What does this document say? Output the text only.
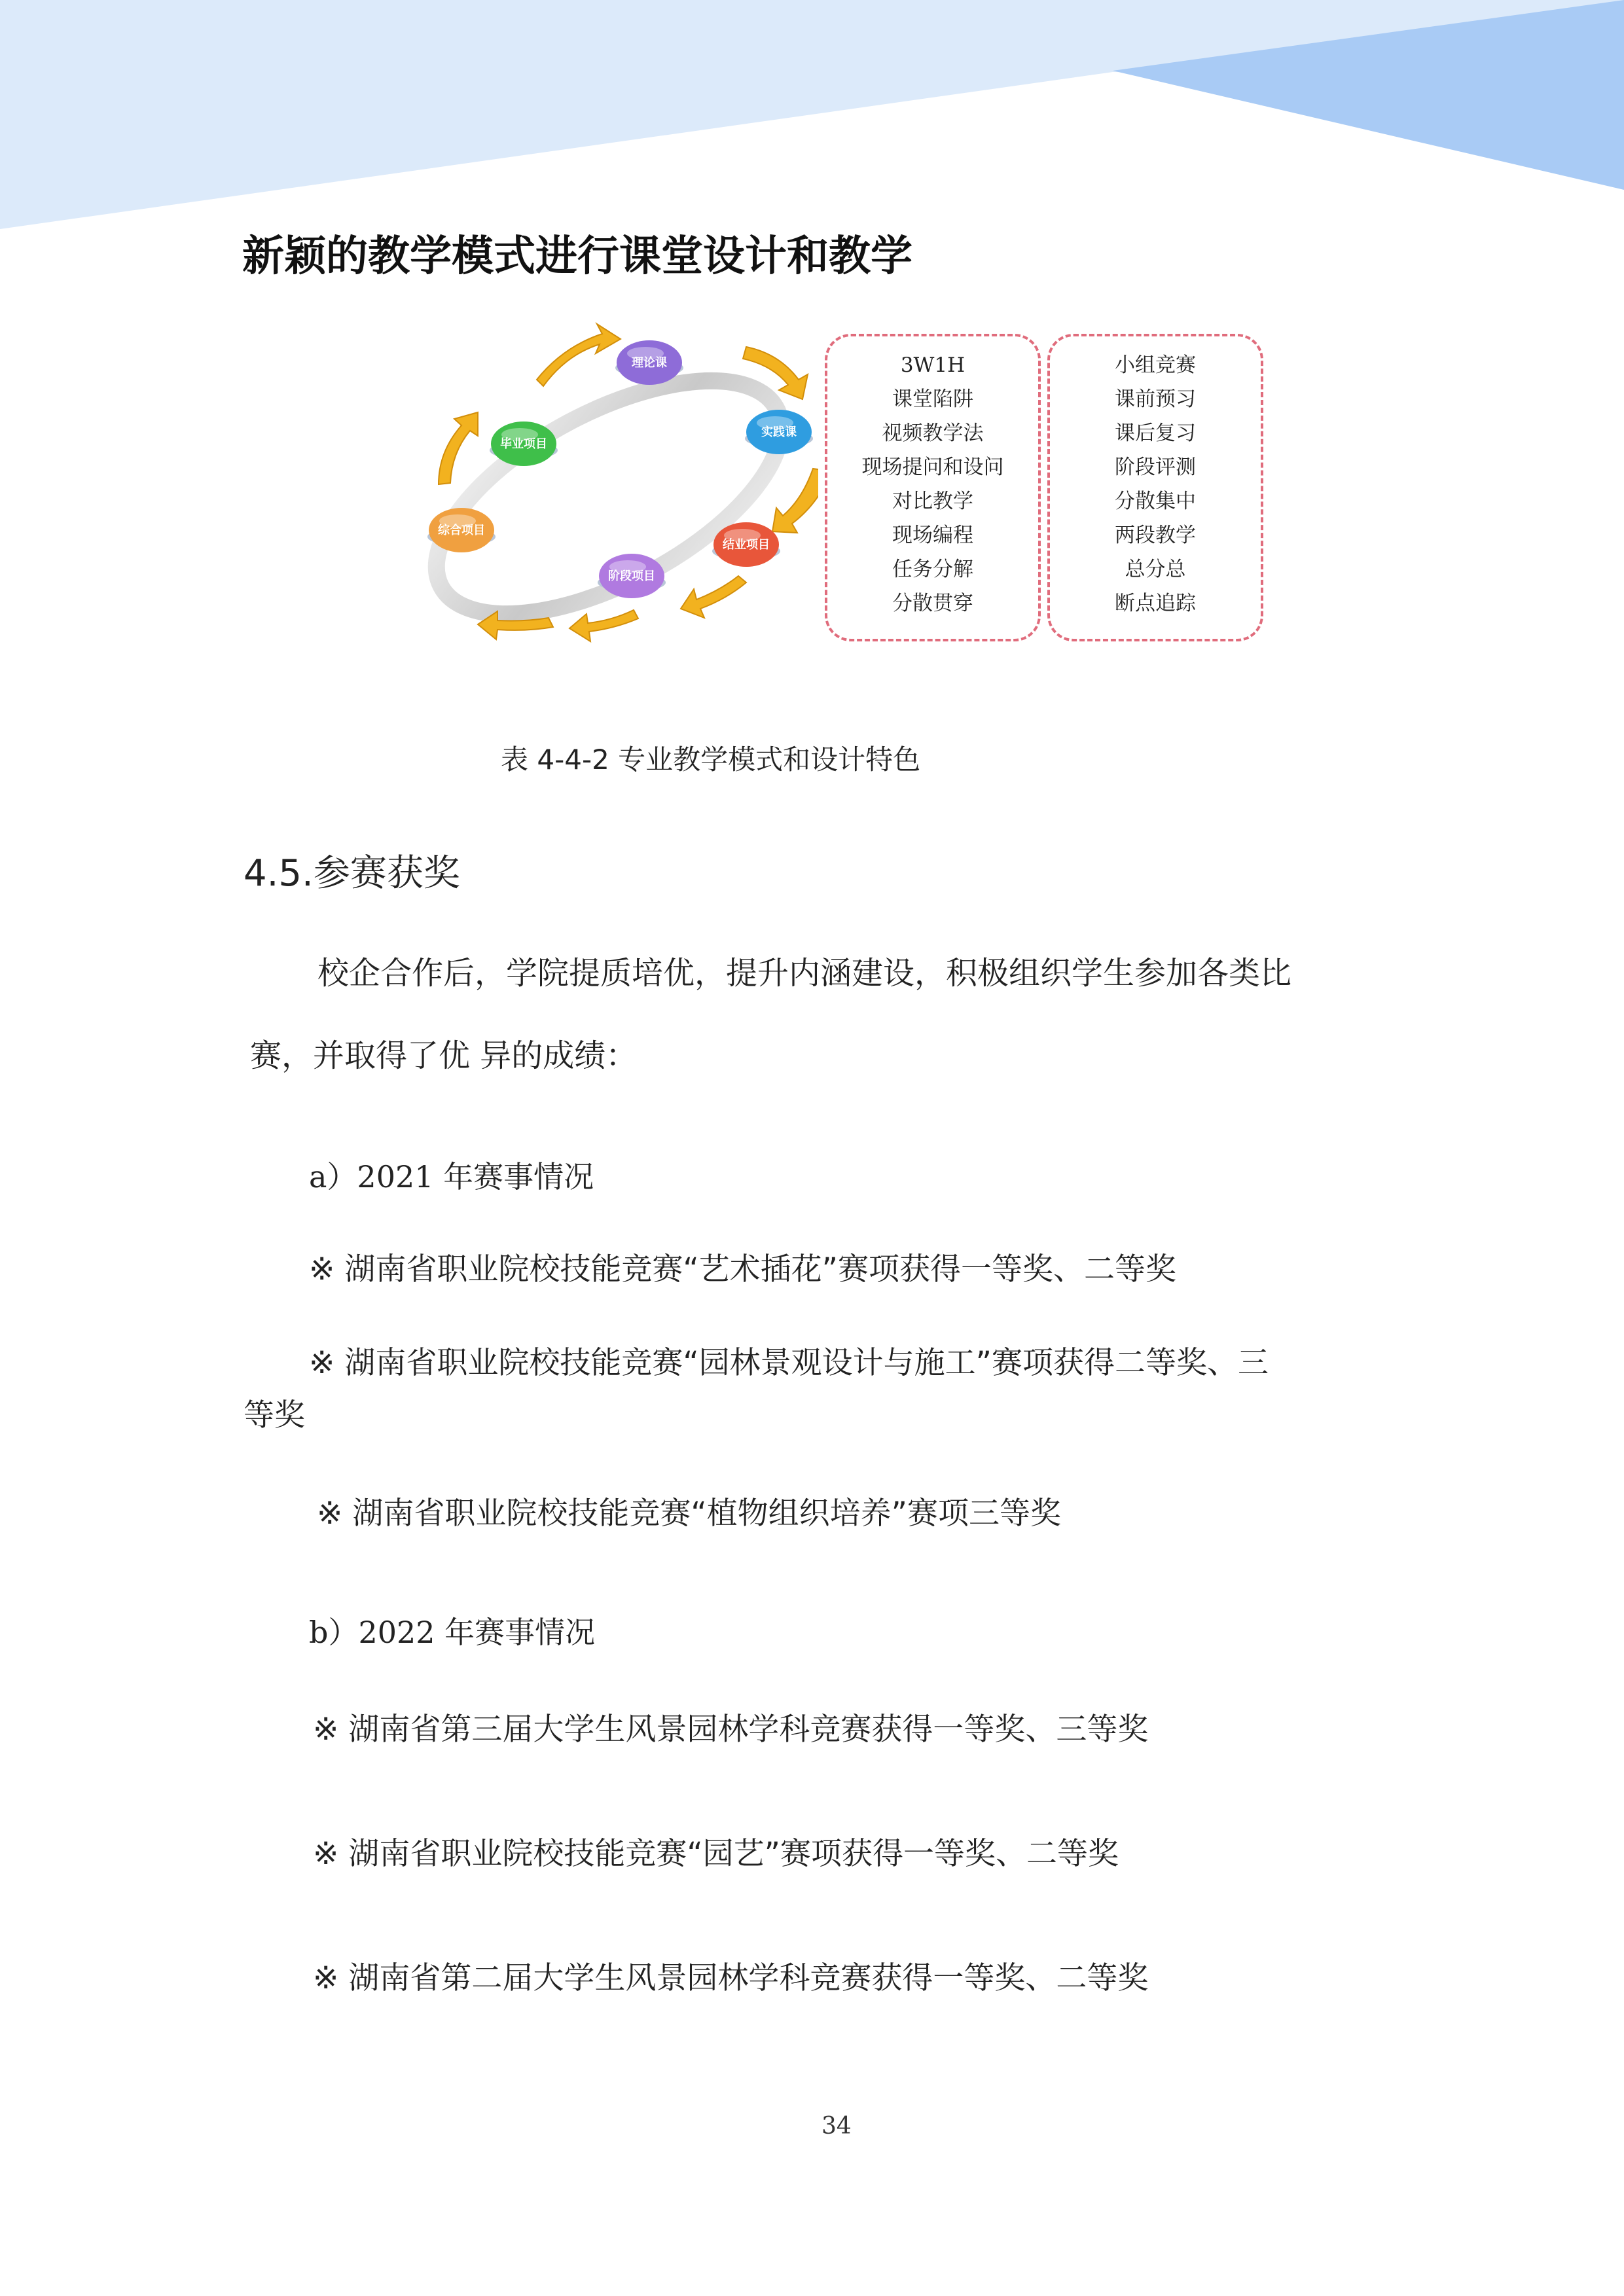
新颖的教学模式进行课堂设计和教学
理论课
实践课
结业项目
阶段项目
综合项目
毕业项目
3W1H
课堂陷阱
视频教学法
现场提问和设问
对比教学
现场编程
任务分解
分散贯穿
小组竞赛
课前预习
课后复习
阶段评测
分散集中
两段教学
总分总
断点追踪
表 4-4-2 专业教学模式和设计特色
4.5.参赛获奖
校企合作后，学院提质培优，提升内涵建设，积极组织学生参加各类比
赛，并取得了优 异的成绩：
a）2021 年赛事情况
※ 湖南省职业院校技能竞赛“艺术插花”赛项获得一等奖、二等奖
※ 湖南省职业院校技能竞赛“园林景观设计与施工”赛项获得二等奖、三
等奖
※ 湖南省职业院校技能竞赛“植物组织培养”赛项三等奖
b）2022 年赛事情况
※ 湖南省第三届大学生风景园林学科竞赛获得一等奖、三等奖
※ 湖南省职业院校技能竞赛“园艺”赛项获得一等奖、二等奖
※ 湖南省第二届大学生风景园林学科竞赛获得一等奖、二等奖
34
